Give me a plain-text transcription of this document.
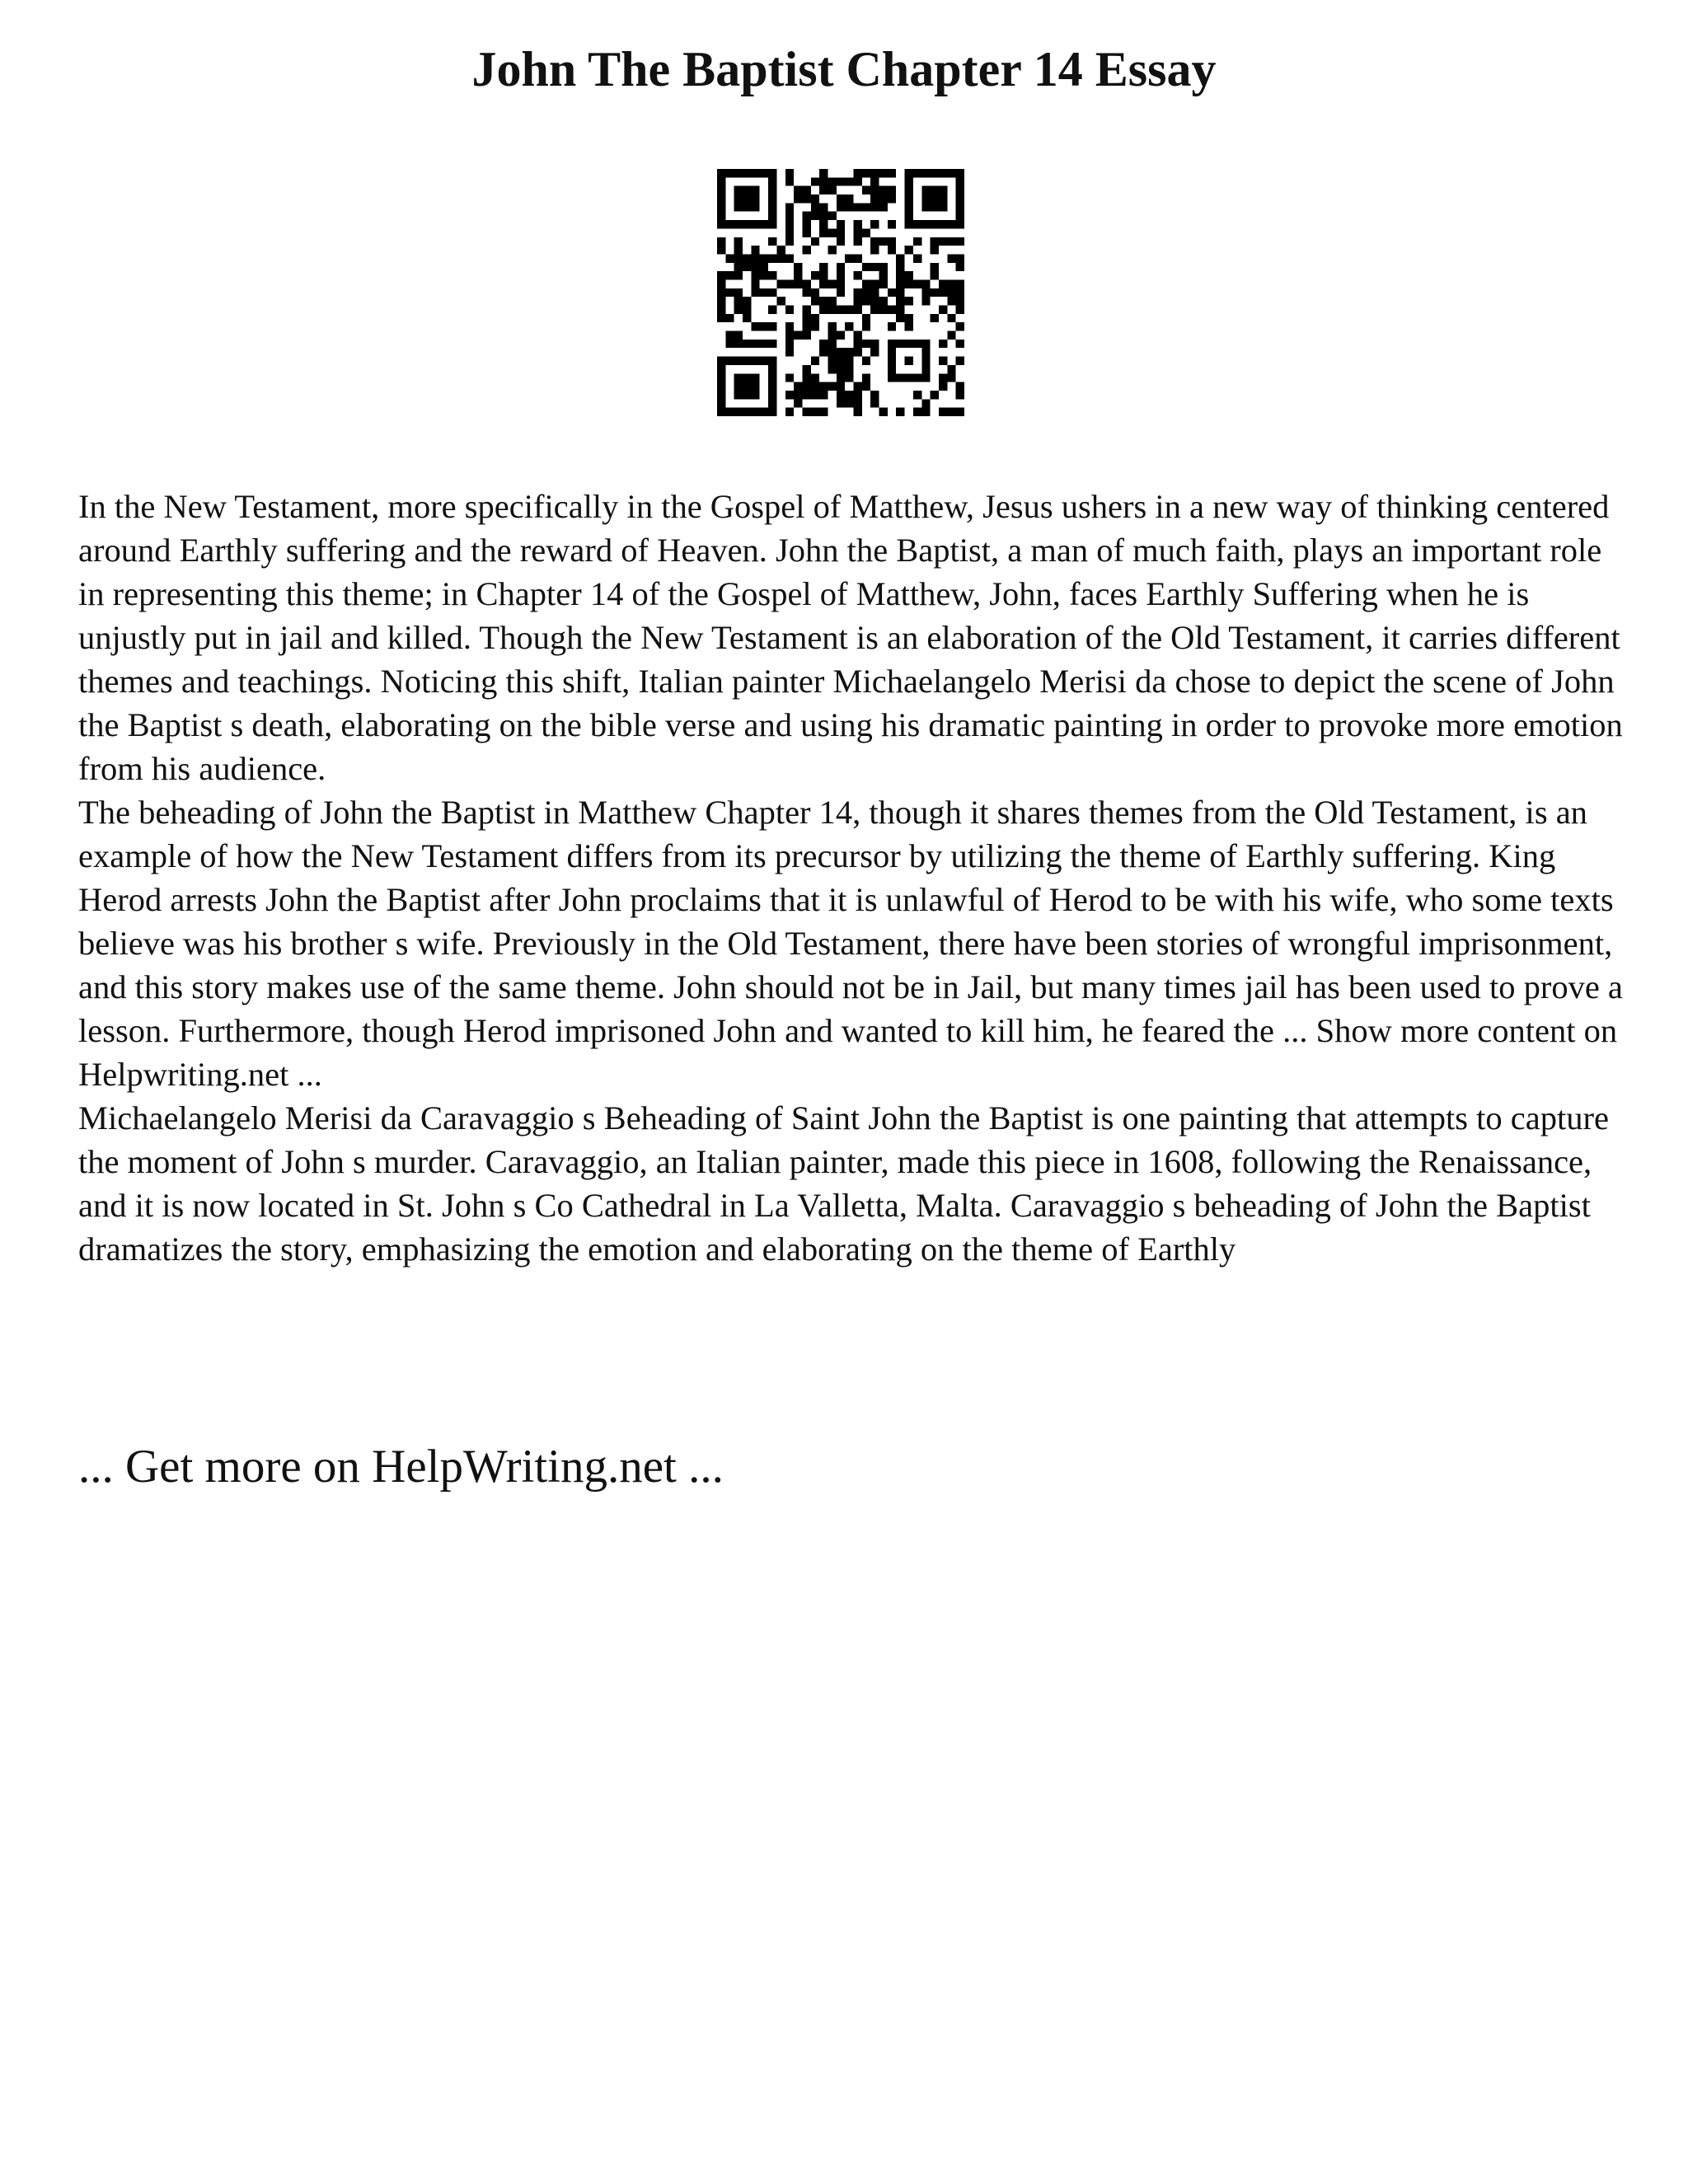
John The Baptist Chapter 14 Essay

In the New Testament, more specifically in the Gospel of Matthew, Jesus ushers in a new way of thinking centered around Earthly suffering and the reward of Heaven. John the Baptist, a man of much faith, plays an important role in representing this theme; in Chapter 14 of the Gospel of Matthew, John, faces Earthly Suffering when he is unjustly put in jail and killed. Though the New Testament is an elaboration of the Old Testament, it carries different themes and teachings. Noticing this shift, Italian painter Michaelangelo Merisi da chose to depict the scene of John the Baptist s death, elaborating on the bible verse and using his dramatic painting in order to provoke more emotion from his audience.

The beheading of John the Baptist in Matthew Chapter 14, though it shares themes from the Old Testament, is an example of how the New Testament differs from its precursor by utilizing the theme of Earthly suffering. King Herod arrests John the Baptist after John proclaims that it is unlawful of Herod to be with his wife, who some texts believe was his brother s wife. Previously in the Old Testament, there have been stories of wrongful imprisonment, and this story makes use of the same theme. John should not be in Jail, but many times jail has been used to prove a lesson. Furthermore, though Herod imprisoned John and wanted to kill him, he feared the ... Show more content on Helpwriting.net ...

Michaelangelo Merisi da Caravaggio s Beheading of Saint John the Baptist is one painting that attempts to capture the moment of John s murder. Caravaggio, an Italian painter, made this piece in 1608, following the Renaissance, and it is now located in St. John s Co Cathedral in La Valletta, Malta. Caravaggio s beheading of John the Baptist dramatizes the story, emphasizing the emotion and elaborating on the theme of Earthly

... Get more on HelpWriting.net ...
